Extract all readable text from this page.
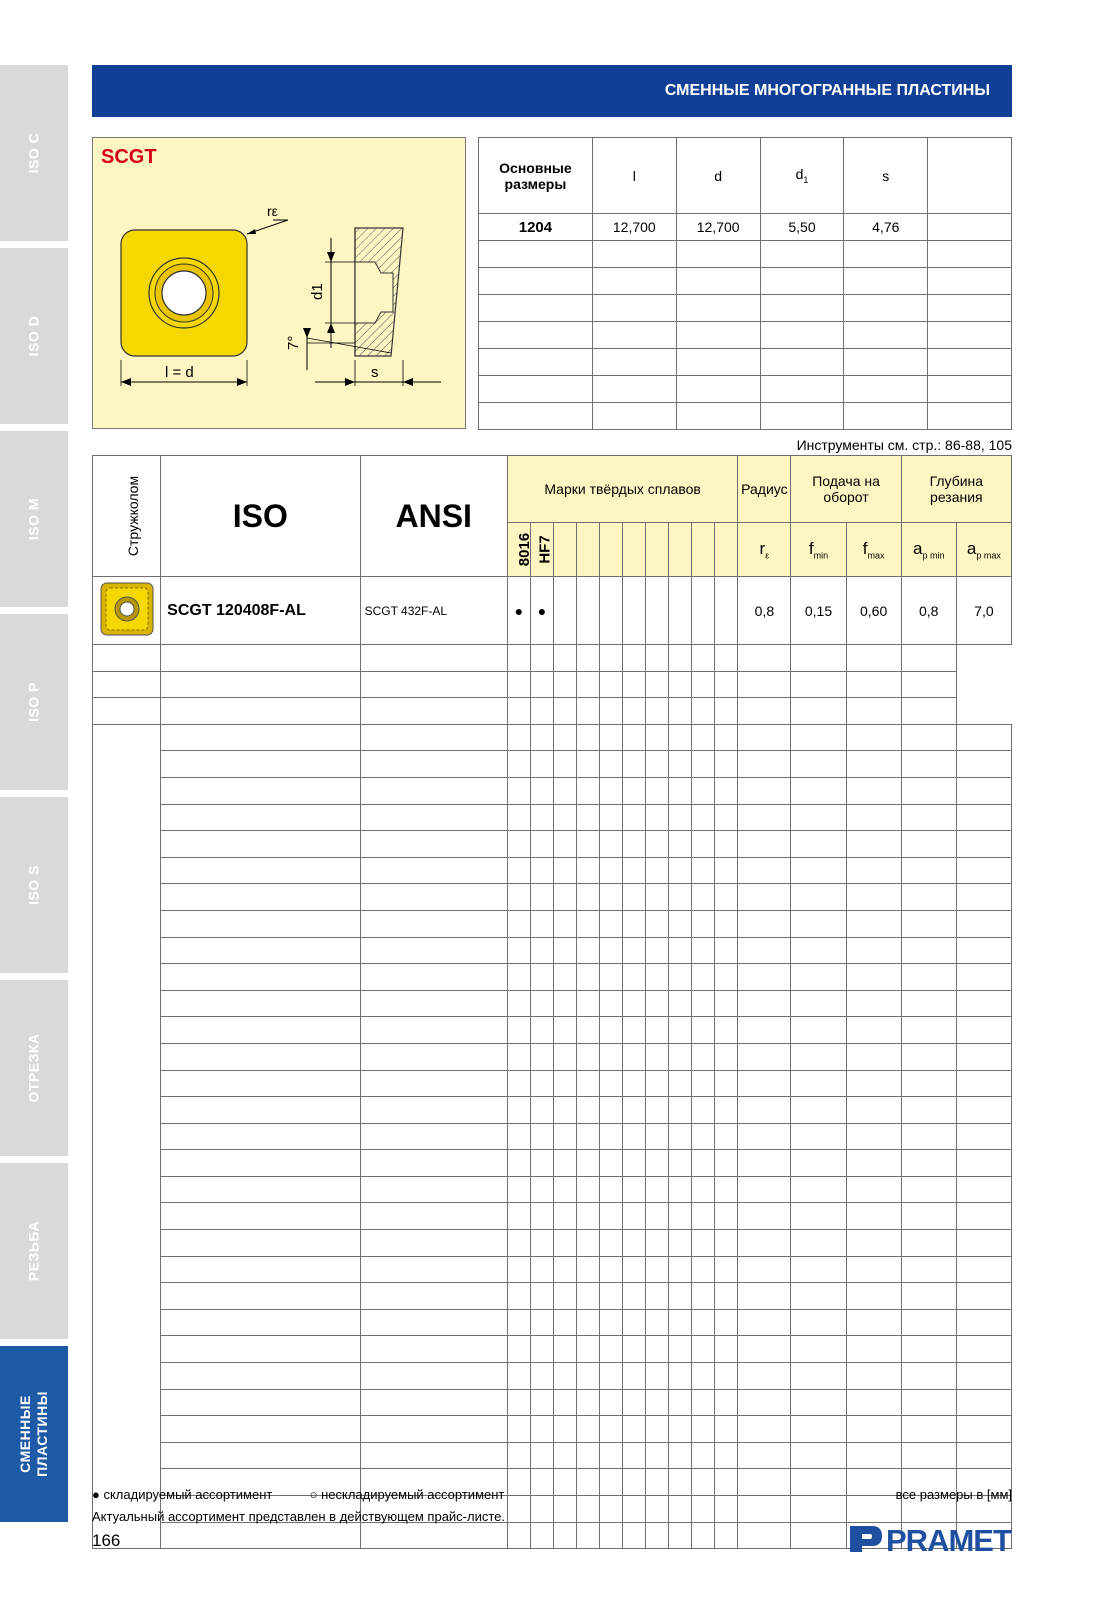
ISO C
ISO D
ISO M
ISO P
ISO S
ОТРЕЗКА
РЕЗЬБА
СМЕННЫЕ
ПЛАСТИНЫ
СМЕННЫЕ МНОГОГРАННЫЕ ПЛАСТИНЫ
SCGT
rε
l = d
d1
7°
s
Основные размеры	l	d	$d_1$	s	
1204	12,700	12,700	5,50	4,76	

Инструменты см. стр.: 86-88, 105
Стружколом	ISO	ANSI	Марки твёрдых сплавов										Радиус	Подача на оборот		Глубина резания	
			8016	HF7									$r_\varepsilon$	$f_{min}$	$f_{max}$	$a_{p min}$	$a_{p max}$
	SCGT 120408F-AL	SCGT 432F-AL	●	●									0,8	0,15	0,60	0,8	7,0

● складируемый ассортимент	○ нескладируемый ассортимент	все размеры в [мм]
Актуальный ассортимент представлен в действующем прайс-листе.
166	PRAMET
